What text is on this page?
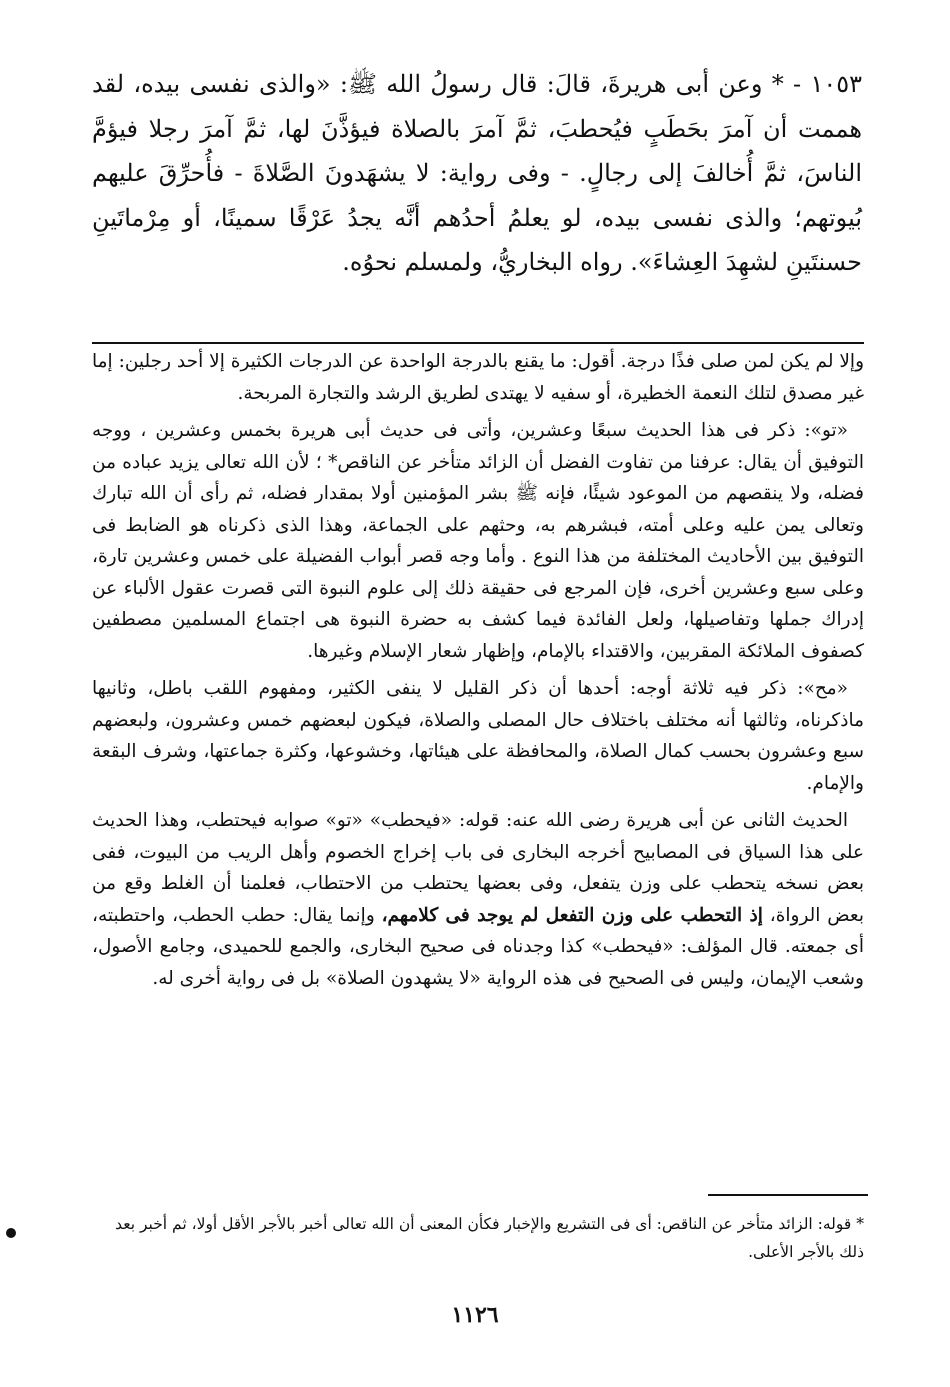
١٠٥٣ - * وعن أبى هريرةَ، قالَ: قال رسولُ الله ﷺ: «والذى نفسى بيده، لقد هممت أن آمرَ بحَطَبٍ فيُحطبَ، ثمَّ آمرَ بالصلاة فيؤذَّنَ لها، ثمَّ آمرَ رجلا فيؤمَّ الناسَ، ثمَّ أُخالفَ إلى رجالٍ. - وفى رواية: لا يشهَدونَ الصَّلاةَ - فأُحرِّقَ عليهم بُيوتهم؛ والذى نفسى بيده، لو يعلمُ أحدُهم أنَّه يجدُ عَرْقًا سمينًا، أو مِرْماتَينِ حسنتَينِ لشهِدَ العِشاءَ». رواه البخاريُّ، ولمسلم نحوُه.

وإلا لم يكن لمن صلى فذًا درجة. أقول: ما يقنع بالدرجة الواحدة عن الدرجات الكثيرة إلا أحد رجلين: إما غير مصدق لتلك النعمة الخطيرة، أو سفيه لا يهتدى لطريق الرشد والتجارة المربحة.

«تو»: ذكر فى هذا الحديث سبعًا وعشرين، وأتى فى حديث أبى هريرة بخمس وعشرين ، ووجه التوفيق أن يقال: عرفنا من تفاوت الفضل أن الزائد متأخر عن الناقص* ؛ لأن الله تعالى يزيد عباده من فضله، ولا ينقصهم من الموعود شيئًا، فإنه ﷺ بشر المؤمنين أولا بمقدار فضله، ثم رأى أن الله تبارك وتعالى يمن عليه وعلى أمته، فبشرهم به، وحثهم على الجماعة، وهذا الذى ذكرناه هو الضابط فى التوفيق بين الأحاديث المختلفة من هذا النوع . وأما وجه قصر أبواب الفضيلة على خمس وعشرين تارة، وعلى سبع وعشرين أخرى، فإن المرجع فى حقيقة ذلك إلى علوم النبوة التى قصرت عقول الألباء عن إدراك جملها وتفاصيلها، ولعل الفائدة فيما كشف به حضرة النبوة هى اجتماع المسلمين مصطفين كصفوف الملائكة المقربين، والاقتداء بالإمام، وإظهار شعار الإسلام وغيرها.

«مح»: ذكر فيه ثلاثة أوجه: أحدها أن ذكر القليل لا ينفى الكثير، ومفهوم اللقب باطل، وثانيها ماذكرناه، وثالثها أنه مختلف باختلاف حال المصلى والصلاة، فيكون لبعضهم خمس وعشرون، ولبعضهم سبع وعشرون بحسب كمال الصلاة، والمحافظة على هيئاتها، وخشوعها، وكثرة جماعتها، وشرف البقعة والإمام.

الحديث الثانى عن أبى هريرة رضى الله عنه: قوله: «فيحطب» «تو» صوابه فيحتطب، وهذا الحديث على هذا السياق فى المصابيح أخرجه البخارى فى باب إخراج الخصوم وأهل الريب من البيوت، ففى بعض نسخه يتحطب على وزن يتفعل، وفى بعضها يحتطب من الاحتطاب، فعلمنا أن الغلط وقع من بعض الرواة، إذ التحطب على وزن التفعل لم يوجد فى كلامهم، وإنما يقال: حطب الحطب، واحتطبته، أى جمعته. قال المؤلف: «فيحطب» كذا وجدناه فى صحيح البخارى، والجمع للحميدى، وجامع الأصول، وشعب الإيمان، وليس فى الصحيح فى هذه الرواية «لا يشهدون الصلاة» بل فى رواية أخرى له.

* قوله: الزائد متأخر عن الناقص: أى فى التشريع والإخبار فكأن المعنى أن الله تعالى أخبر بالأجر الأقل أولا، ثم أخبر بعد ذلك بالأجر الأعلى.
١١٢٦
